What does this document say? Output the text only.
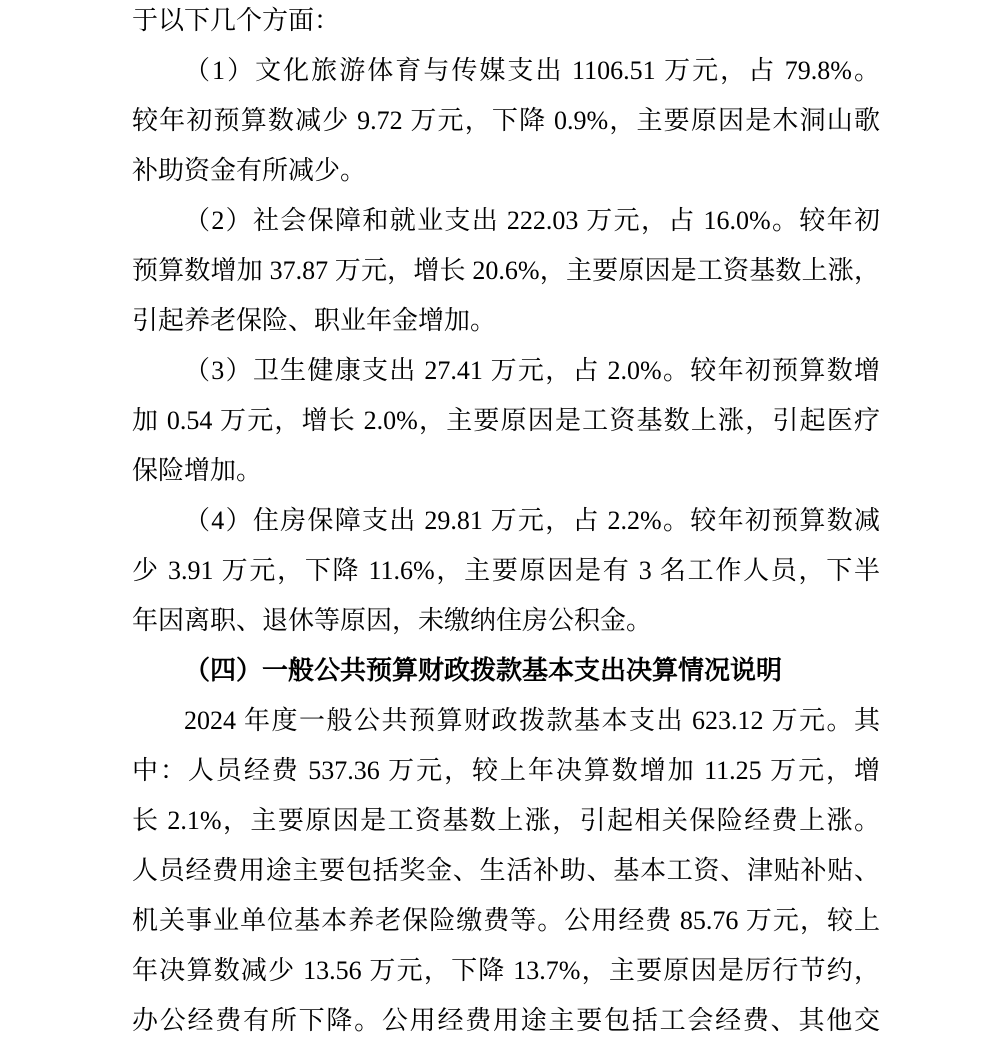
于以下几个方面：
（1）文化旅游体育与传媒支出 1106.51 万元，占 79.8%。
较年初预算数减少 9.72 万元，下降 0.9%，主要原因是木洞山歌
补助资金有所减少。
（2）社会保障和就业支出 222.03 万元，占 16.0%。较年初
预算数增加 37.87 万元，增长 20.6%，主要原因是工资基数上涨，
引起养老保险、职业年金增加。
（3）卫生健康支出 27.41 万元，占 2.0%。较年初预算数增
加 0.54 万元，增长 2.0%，主要原因是工资基数上涨，引起医疗
保险增加。
（4）住房保障支出 29.81 万元，占 2.2%。较年初预算数减
少 3.91 万元，下降 11.6%，主要原因是有 3 名工作人员，下半
年因离职、退休等原因，未缴纳住房公积金。
（四）一般公共预算财政拨款基本支出决算情况说明
2024 年度一般公共预算财政拨款基本支出 623.12 万元。其
中：人员经费 537.36 万元，较上年决算数增加 11.25 万元，增
长 2.1%，主要原因是工资基数上涨，引起相关保险经费上涨。
人员经费用途主要包括奖金、生活补助、基本工资、津贴补贴、
机关事业单位基本养老保险缴费等。公用经费 85.76 万元，较上
年决算数减少 13.56 万元，下降 13.7%，主要原因是厉行节约，
办公经费有所下降。公用经费用途主要包括工会经费、其他交
